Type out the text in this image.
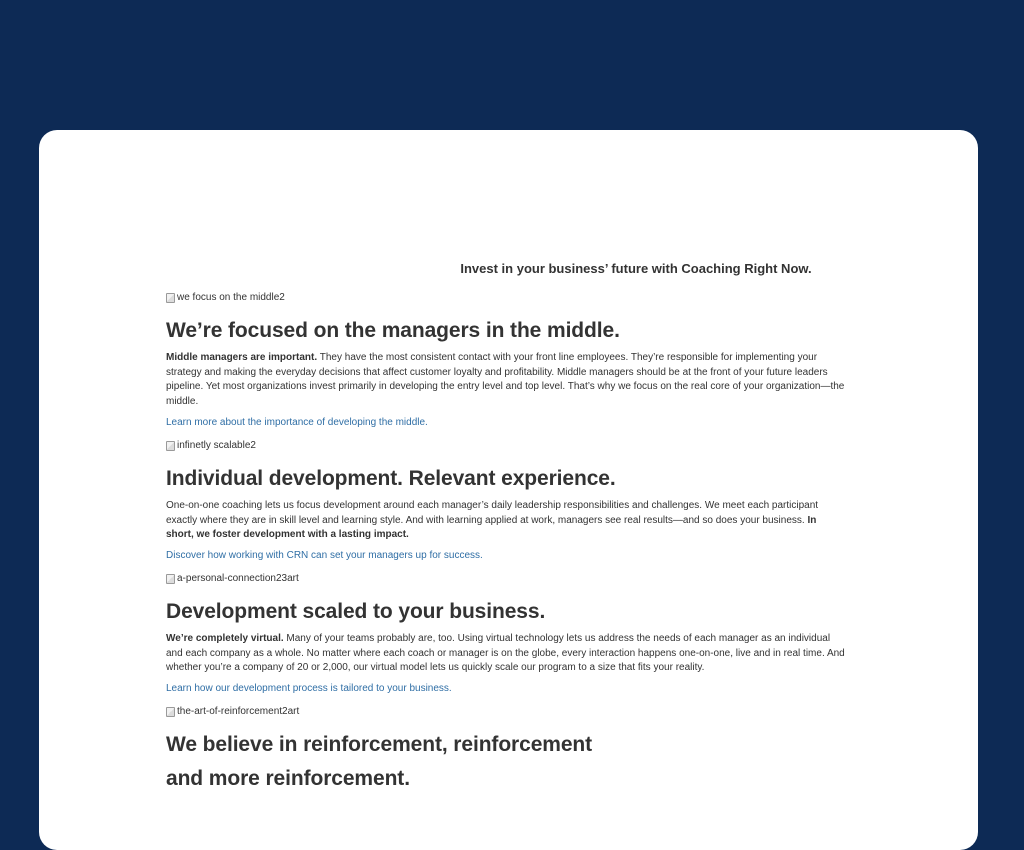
Invest in your business’ future with Coaching Right Now.
we focus on the middle2
We’re focused on the managers in the middle.

Middle managers are important. They have the most consistent contact with your front line employees. They’re responsible for implementing your strategy and making the everyday decisions that affect customer loyalty and profitability. Middle managers should be at the front of your future leaders pipeline. Yet most organizations invest primarily in developing the entry level and top level. That’s why we focus on the real core of your organization—the middle.

Learn more about the importance of developing the middle.
infinetly scalable2
Individual development. Relevant experience.

One-on-one coaching lets us focus development around each manager’s daily leadership responsibilities and challenges. We meet each participant exactly where they are in skill level and learning style. And with learning applied at work, managers see real results—and so does your business. In short, we foster development with a lasting impact.

Discover how working with CRN can set your managers up for success.
a-personal-connection23art
Development scaled to your business.

We’re completely virtual. Many of your teams probably are, too. Using virtual technology lets us address the needs of each manager as an individual and each company as a whole. No matter where each coach or manager is on the globe, every interaction happens one-on-one, live and in real time. And whether you’re a company of 20 or 2,000, our virtual model lets us quickly scale our program to a size that fits your reality.

Learn how our development process is tailored to your business.
the-art-of-reinforcement2art
We believe in reinforcement, reinforcement
and more reinforcement.
